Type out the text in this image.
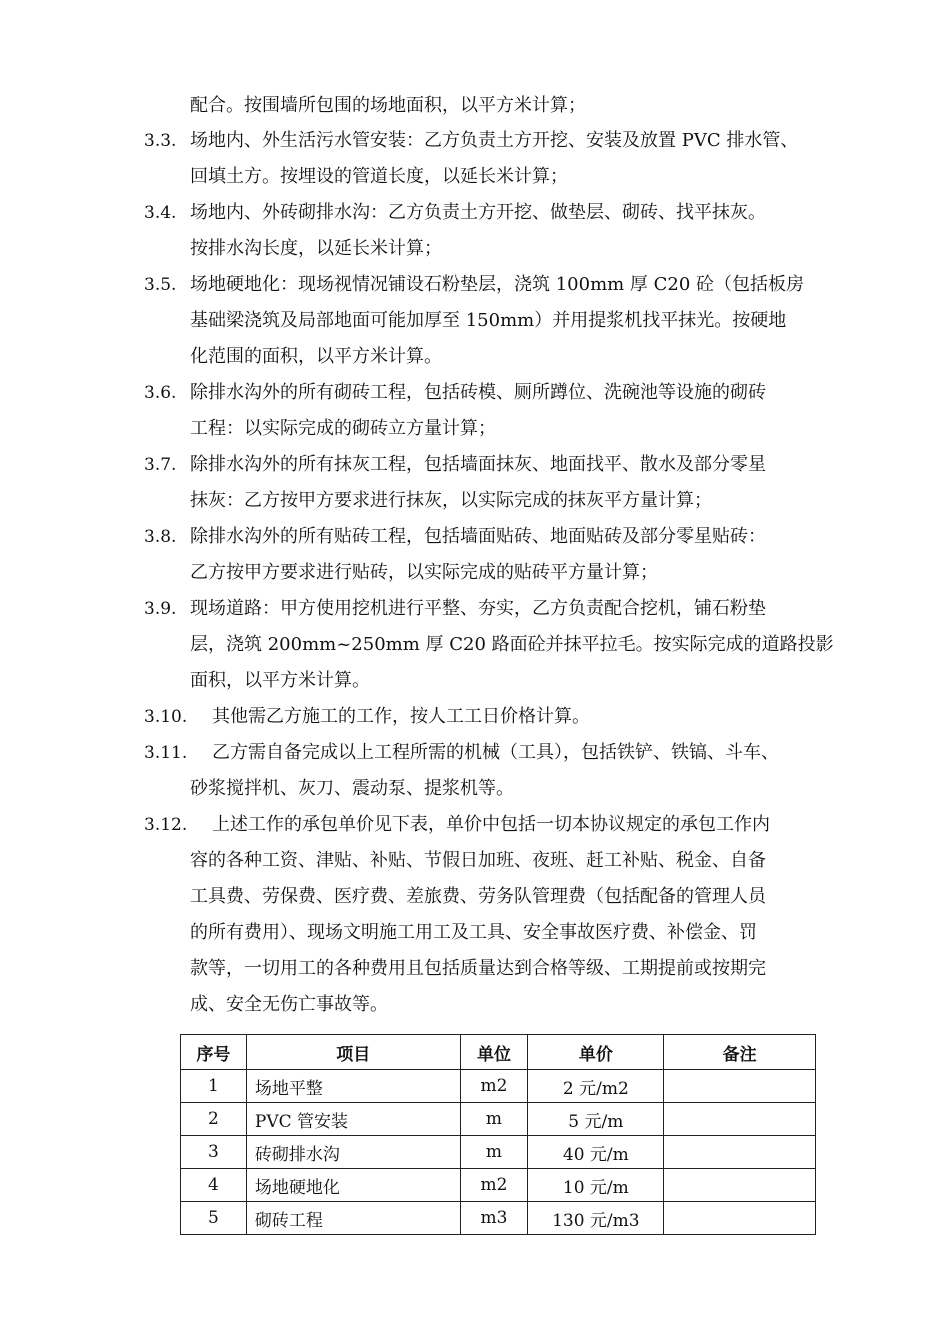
配合。按围墙所包围的场地面积，以平方米计算；
3.3. 场地内、外生活污水管安装：乙方负责土方开挖、安装及放置 PVC 排水管、
回填土方。按埋设的管道长度，以延长米计算；
3.4. 场地内、外砖砌排水沟：乙方负责土方开挖、做垫层、砌砖、找平抹灰。
按排水沟长度，以延长米计算；
3.5. 场地硬地化：现场视情况铺设石粉垫层，浇筑 100mm 厚 C20 砼（包括板房
基础梁浇筑及局部地面可能加厚至 150mm）并用提浆机找平抹光。按硬地
化范围的面积，以平方米计算。
3.6. 除排水沟外的所有砌砖工程，包括砖模、厕所蹲位、洗碗池等设施的砌砖
工程：以实际完成的砌砖立方量计算；
3.7. 除排水沟外的所有抹灰工程，包括墙面抹灰、地面找平、散水及部分零星
抹灰：乙方按甲方要求进行抹灰，以实际完成的抹灰平方量计算；
3.8. 除排水沟外的所有贴砖工程，包括墙面贴砖、地面贴砖及部分零星贴砖：
乙方按甲方要求进行贴砖，以实际完成的贴砖平方量计算；
3.9. 现场道路：甲方使用挖机进行平整、夯实，乙方负责配合挖机，铺石粉垫
层，浇筑 200mm~250mm 厚 C20 路面砼并抹平拉毛。按实际完成的道路投影
面积，以平方米计算。
3.10. 其他需乙方施工的工作，按人工工日价格计算。
3.11. 乙方需自备完成以上工程所需的机械（工具），包括铁铲、铁镐、斗车、
砂浆搅拌机、灰刀、震动泵、提浆机等。
3.12. 上述工作的承包单价见下表，单价中包括一切本协议规定的承包工作内
容的各种工资、津贴、补贴、节假日加班、夜班、赶工补贴、税金、自备
工具费、劳保费、医疗费、差旅费、劳务队管理费（包括配备的管理人员
的所有费用）、现场文明施工用工及工具、安全事故医疗费、补偿金、罚
款等，一切用工的各种费用且包括质量达到合格等级、工期提前或按期完
成、安全无伤亡事故等。
序号	项目	单位	单价	备注
1	场地平整	m2	2 元/m2	
2	PVC 管安装	m	5 元/m	
3	砖砌排水沟	m	40 元/m	
4	场地硬地化	m2	10 元/m	
5	砌砖工程	m3	130 元/m3	
